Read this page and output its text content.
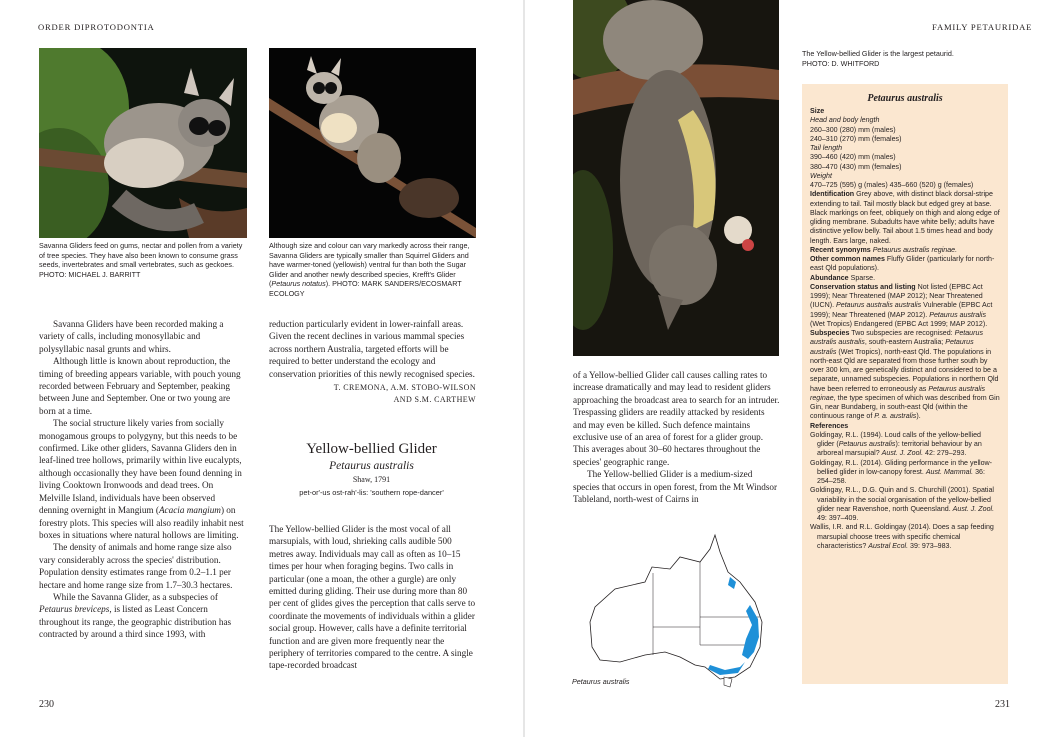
ORDER DIPROTODONTIA
Savanna Gliders feed on gums, nectar and pollen from a variety of tree species. They have also been known to consume grass seeds, invertebrates and small vertebrates, such as geckoes. PHOTO: MICHAEL J. BARRITT
Although size and colour can vary markedly across their range, Savanna Gliders are typically smaller than Squirrel Gliders and have warmer-toned (yellowish) ventral fur than both the Sugar Glider and another newly described species, Krefft's Glider (Petaurus notatus). PHOTO: MARK SANDERS/ECOSMART ECOLOGY

Savanna Gliders have been recorded making a variety of calls, including monosyllabic and polysyllabic nasal grunts and whirs.

Although little is known about reproduction, the timing of breeding appears variable, with pouch young recorded between February and September, peaking between June and September. One or two young are born at a time.

The social structure likely varies from socially monogamous groups to polygyny, but this needs to be confirmed. Like other gliders, Savanna Gliders den in leaf-lined tree hollows, primarily within live eucalypts, although occasionally they have been found denning in living Cooktown Ironwoods and dead trees. On Melville Island, individuals have been observed denning overnight in Mangium (Acacia mangium) on forestry plots. This species will also readily inhabit nest boxes in situations where natural hollows are limiting.

The density of animals and home range size also vary considerably across the species' distribution. Population density estimates range from 0.2–1.1 per hectare and home range size from 1.7–30.3 hectares.

While the Savanna Glider, as a subspecies of Petaurus breviceps, is listed as Least Concern throughout its range, the geographic distribution has contracted by around a third since 1993, with

reduction particularly evident in lower-rainfall areas. Given the recent declines in various mammal species across northern Australia, targeted efforts will be required to better understand the ecology and conservation priorities of this newly recognised species.

T. CREMONA, A.M. STOBO-WILSON
AND S.M. CARTHEW
Yellow-bellied Glider
Petaurus australis
Shaw, 1791
pet-or'-us ost-rah'-lis: 'southern rope-dancer'

The Yellow-bellied Glider is the most vocal of all marsupials, with loud, shrieking calls audible 500 metres away. Individuals may call as often as 10–15 times per hour when foraging begins. Two calls in particular (one a moan, the other a gurgle) are only emitted during gliding. Their use during more than 80 per cent of glides gives the perception that calls serve to coordinate the movements of individuals within a glider social group. However, calls have a definite territorial function and are given more frequently near the periphery of territories compared to the centre. A single tape-recorded broadcast

230
The Yellow-bellied Glider is the largest petaurid.
PHOTO: D. WHITFORD
FAMILY PETAURIDAE

of a Yellow-bellied Glider call causes calling rates to increase dramatically and may lead to resident gliders approaching the broadcast area to search for an intruder. Trespassing gliders are readily attacked by residents and may even be killed. Such defence maintains exclusive use of an area of forest for a glider group. This averages about 30–60 hectares throughout the species' geographic range.

The Yellow-bellied Glider is a medium-sized species that occurs in open forest, from the Mt Windsor Tableland, north-west of Cairns in

Petaurus australis
Petaurus australis
Size
Head and body length
260–300 (280) mm (males)
240–310 (270) mm (females)
Tail length
390–460 (420) mm (males)
380–470 (430) mm (females)
Weight
470–725 (595) g (males) 435–660 (520) g (females)
Identification Grey above, with distinct black dorsal-stripe extending to tail. Tail mostly black but edged grey at base. Black markings on feet, obliquely on thigh and along edge of gliding membrane. Subadults have white belly; adults have distinctive yellow belly. Tail about 1.5 times head and body length. Ears large, naked.
Recent synonyms Petaurus australis reginae.
Other common names Fluffy Glider (particularly for north-east Qld populations).
Abundance Sparse.
Conservation status and listing Not listed (EPBC Act 1999); Near Threatened (MAP 2012); Near Threatened (IUCN). Petaurus australis australis Vulnerable (EPBC Act 1999); Near Threatened (MAP 2012). Petaurus australis (Wet Tropics) Endangered (EPBC Act 1999; MAP 2012).
Subspecies Two subspecies are recognised: Petaurus australis australis, south-eastern Australia; Petaurus australis (Wet Tropics), north-east Qld. The populations in north-east Qld are separated from those further south by over 300 km, are genetically distinct and considered to be a separate, unnamed subspecies. Populations in northern Qld have been referred to erroneously as Petaurus australis reginae, the type specimen of which was described from Gin Gin, near Bundaberg, in south-east Qld (within the continuous range of P. a. australis).
References
Goldingay, R.L. (1994). Loud calls of the yellow-bellied glider (Petaurus australis): territorial behaviour by an arboreal marsupial? Aust. J. Zool. 42: 279–293.
Goldingay, R.L. (2014). Gliding performance in the yellow-bellied glider in low-canopy forest. Aust. Mammal. 36: 254–258.
Goldingay, R.L., D.G. Quin and S. Churchill (2001). Spatial variability in the social organisation of the yellow-bellied glider near Ravenshoe, north Queensland. Aust. J. Zool. 49: 397–409.
Wallis, I.R. and R.L. Goldingay (2014). Does a sap feeding marsupial choose trees with specific chemical characteristics? Austral Ecol. 39: 973–983.
231
